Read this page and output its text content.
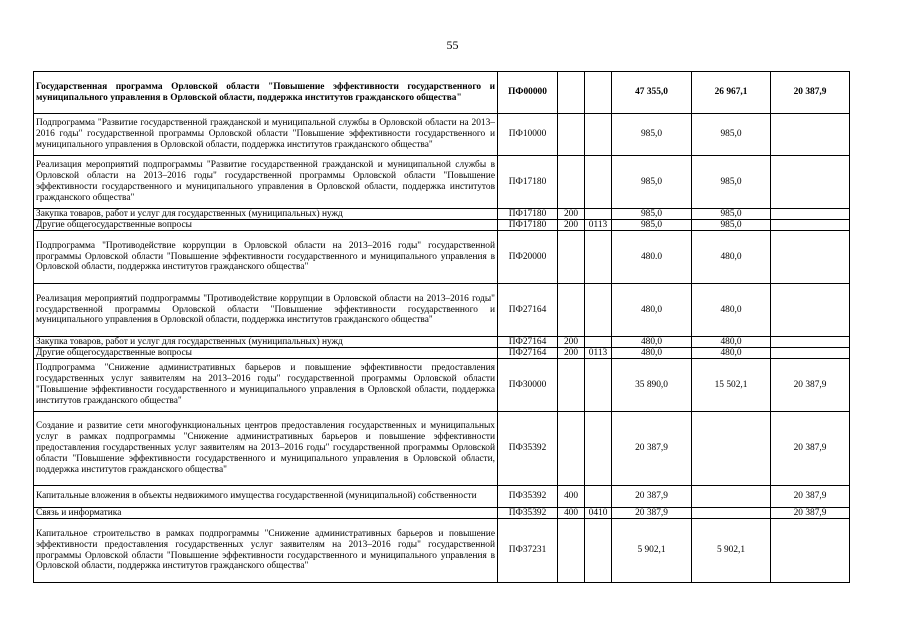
55
Государственная программа Орловской области "Повышение эффективности государственного и муниципального управления в Орловской области, поддержка институтов гражданского общества"	ПФ00000			47 355,0	26 967,1	20 387,9
Подпрограмма "Развитие государственной гражданской и муниципальной службы в Орловской области на 2013–2016 годы" государственной программы Орловской области "Повышение эффективности государственного и муниципального управления в Орловской области, поддержка институтов гражданского общества"	ПФ10000			985,0	985,0	
Реализация мероприятий подпрограммы "Развитие государственной гражданской и муниципальной службы в Орловской области на 2013–2016 годы" государственной программы Орловской области "Повышение эффективности государственного и муниципального управления в Орловской области, поддержка институтов гражданского общества"	ПФ17180			985,0	985,0	
Закупка товаров, работ и услуг для государственных (муниципальных) нужд	ПФ17180	200		985,0	985,0	
Другие общегосударственные вопросы	ПФ17180	200	0113	985,0	985,0	
Подпрограмма "Противодействие коррупции в Орловской области на 2013–2016 годы" государственной программы Орловской области "Повышение эффективности государственного и муниципального управления в Орловской области, поддержка институтов гражданского общества"	ПФ20000			480.0	480,0	
Реализация мероприятий подпрограммы "Противодействие коррупции в Орловской области на 2013–2016 годы" государственной программы Орловской области "Повышение эффективности государственного и муниципального управления в Орловской области, поддержка институтов гражданского общества"	ПФ27164			480,0	480,0	
Закупка товаров, работ и услуг для государственных (муниципальных) нужд	ПФ27164	200		480,0	480,0	
Другие общегосударственные вопросы	ПФ27164	200	0113	480,0	480,0	
Подпрограмма "Снижение административных барьеров и повышение эффективности предоставления государственных услуг заявителям на 2013–2016 годы" государственной программы Орловской области "Повышение эффективности государственного и муниципального управления в Орловской области, поддержка институтов гражданского общества"	ПФ30000			35 890,0	15 502,1	20 387,9
Создание и развитие сети многофункциональных центров предоставления государственных и муниципальных услуг в рамках подпрограммы "Снижение административных барьеров и повышение эффективности предоставления государственных услуг заявителям на 2013–2016 годы" государственной программы Орловской области "Повышение эффективности государственного и муниципального управления в Орловской области, поддержка институтов гражданского общества"	ПФ35392			20 387,9		20 387,9
Капитальные вложения в объекты недвижимого имущества государственной (муниципальной) собственности	ПФ35392	400		20 387,9		20 387,9
Связь и информатика	ПФ35392	400	0410	20 387,9		20 387,9
Капитальное строительство в рамках подпрограммы "Снижение административных барьеров и повышение эффективности предоставления государственных услуг заявителям на 2013–2016 годы" государственной программы Орловской области "Повышение эффективности государственного и муниципального управления в Орловской области, поддержка институтов гражданского общества"	ПФ37231			5 902,1	5 902,1	
